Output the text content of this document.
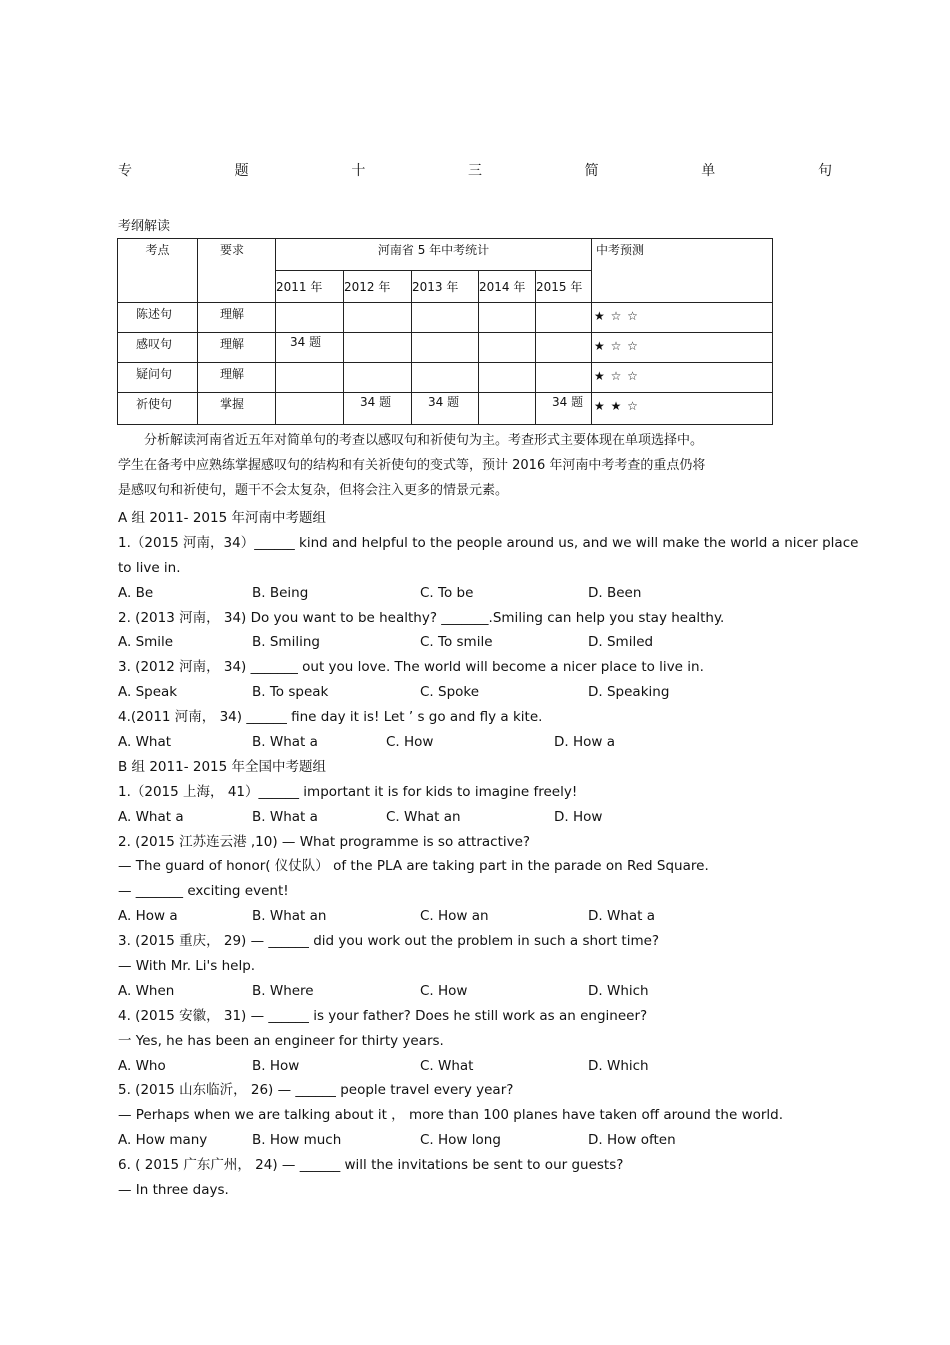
专	题	十	三	简	单	句
考纲解读
考点	要求	河南省 5 年中考统计					中考预测

		2011 年	2012 年	2013 年	2014 年	2015 年	

陈述句	理解						★ ☆ ☆

感叹句	理解	34 题					★ ☆ ☆

疑问句	理解						★ ☆ ☆

祈使句	掌握		34 题	34 题		34 题	★ ★ ☆

分析解读河南省近五年对简单句的考查以感叹句和祈使句为主。考查形式主要体现在单项选择中。

学生在备考中应熟练掌握感叹句的结构和有关祈使句的变式等，预计 2016 年河南中考考查的重点仍将

是感叹句和祈使句，题干不会太复杂，但将会注入更多的情景元素。

A 组 2011- 2015 年河南中考题组
1.（2015 河南，34）______ kind and helpful to the people around us, and we will make the world a nicer place
to live in.
A. Be	B. Being	C. To be	D. Been
2. (2013 河南， 34) Do you want to be healthy? _______.Smiling can help you stay healthy.
A. Smile	B. Smiling	C. To smile	D. Smiled
3. (2012 河南， 34) _______ out you love. The world will become a nicer place to live in.
A. Speak	B. To speak	C. Spoke	D. Speaking
4.(2011 河南， 34) ______ fine day it is! Let ’ s go and fly a kite.
A. What	B. What a	C. How	D. How a
B 组 2011- 2015 年全国中考题组
1.（2015 上海， 41）______ important it is for kids to imagine freely!
A. What a	B. What a	C. What an	D. How
2. (2015 江苏连云港 ,10) — What programme is so attractive?
— The guard of honor( 仪仗队） of the PLA are taking part in the parade on Red Square.
— _______ exciting event!
A. How a	B. What an	C. How an	D. What a
3. (2015 重庆， 29) — ______ did you work out the problem in such a short time?
— With Mr. Li's help.
A. When	B. Where	C. How	D. Which
4. (2015 安徽， 31) — ______ is your father? Does he still work as an engineer?
一 Yes, he has been an engineer for thirty years.
A. Who	B. How	C. What	D. Which
5. (2015 山东临沂， 26) — ______ people travel every year?
— Perhaps when we are talking about it ， more than 100 planes have taken off around the world.
A. How many	B. How much	C. How long	D. How often
6. ( 2015 广东广州， 24) — ______ will the invitations be sent to our guests?
— In three days.
